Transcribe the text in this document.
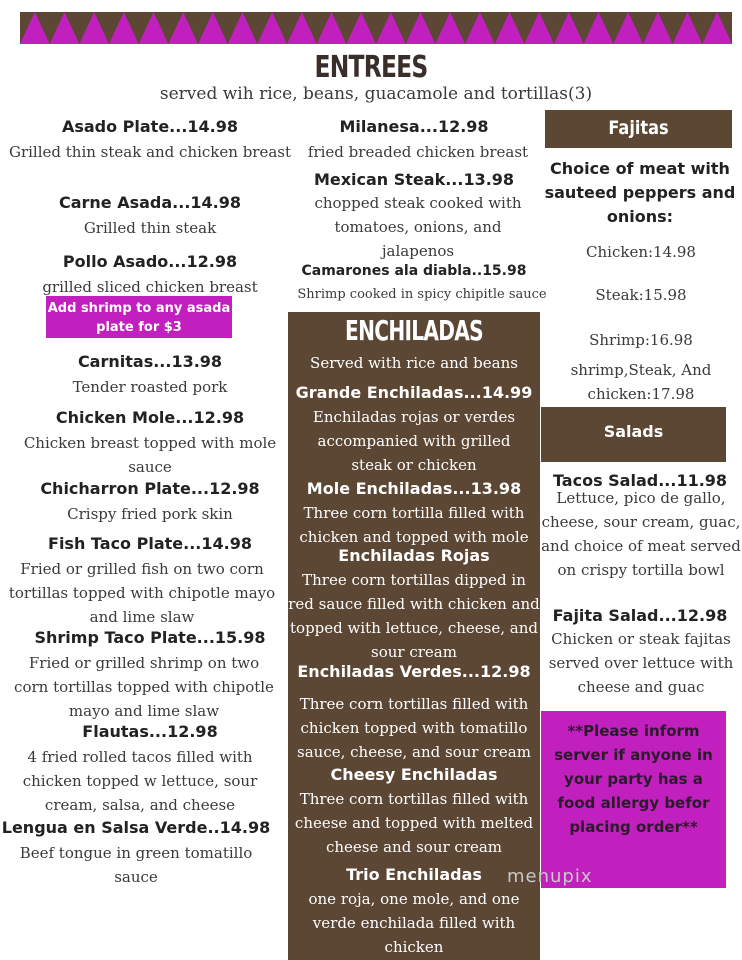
ENTREES
served wih rice, beans, guacamole and tortillas(3)
Asado Plate...14.98
Grilled thin steak and chicken breast
Carne Asada...14.98
Grilled thin steak
Pollo Asado...12.98
grilled sliced chicken breast
Add shrimp to any asada plate for $3
Carnitas...13.98
Tender roasted pork
Chicken Mole...12.98
Chicken breast topped with mole sauce
Chicharron Plate...12.98
Crispy fried pork skin
Fish Taco Plate...14.98
Fried or grilled fish on two corn tortillas topped with chipotle mayo and lime slaw
Shrimp Taco Plate...15.98
Fried or grilled shrimp on two corn tortillas topped with chipotle mayo and lime slaw
Flautas...12.98
4 fried rolled tacos filled with chicken topped w lettuce, sour cream, salsa, and cheese
Lengua en Salsa Verde..14.98
Beef tongue in green tomatillo sauce
Milanesa...12.98
fried breaded chicken breast
Mexican Steak...13.98
chopped steak cooked with tomatoes, onions, and jalapenos
Camarones ala diabla..15.98
Shrimp cooked in spicy chipitle sauce
ENCHILADAS
Served with rice and beans
Grande Enchiladas...14.99
Enchiladas rojas or verdes accompanied with grilled steak or chicken
Mole Enchiladas...13.98
Three corn tortilla filled with chicken and topped with mole
Enchiladas Rojas
Three corn tortillas dipped in red sauce filled with chicken and topped with lettuce, cheese, and sour cream
Enchiladas Verdes...12.98
Three corn tortillas filled with chicken topped with tomatillo sauce, cheese, and sour cream
Cheesy Enchiladas
Three corn tortillas filled with cheese and topped with melted cheese and sour cream
Trio Enchiladas
one roja, one mole, and one verde enchilada filled with chicken
Fajitas
Choice of meat with sauteed peppers and onions:
Chicken:14.98
Steak:15.98
Shrimp:16.98
shrimp,Steak, And chicken:17.98
Salads
Tacos Salad...11.98
Lettuce, pico de gallo, cheese, sour cream, guac, and choice of meat served on crispy tortilla bowl
Fajita Salad...12.98
Chicken or steak fajitas served over lettuce with cheese and guac
**Please inform server if anyone in your party has a food allergy befor placing order**
menupix
